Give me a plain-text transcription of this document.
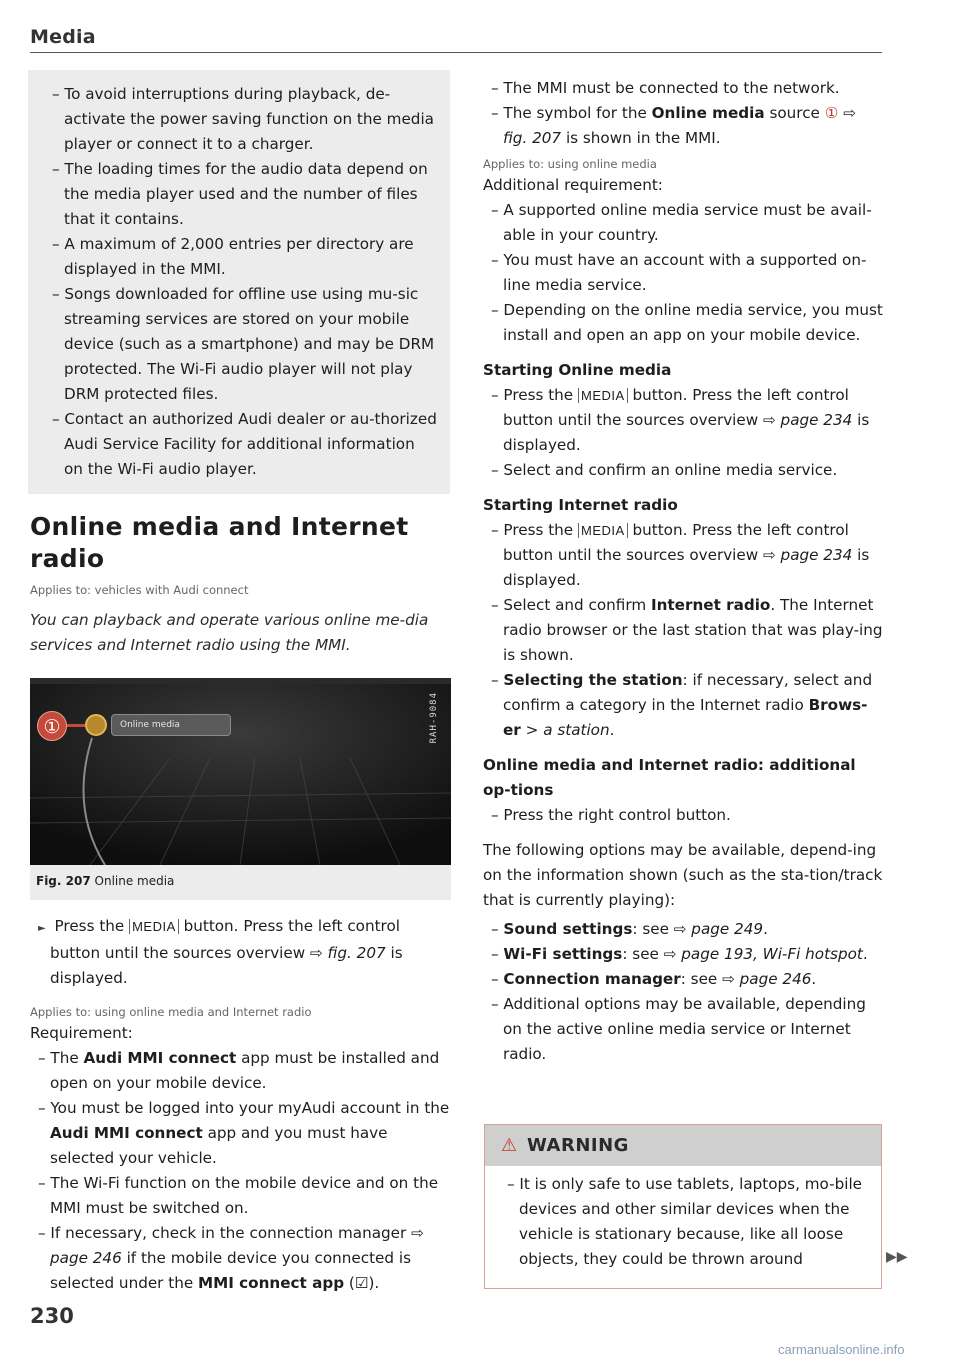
Media
– To avoid interruptions during playback, de-activate the power saving function on the media player or connect it to a charger.
– The loading times for the audio data depend on the media player used and the number of files that it contains.
– A maximum of 2,000 entries per directory are displayed in the MMI.
– Songs downloaded for offline use using mu-sic streaming services are stored on your mobile device (such as a smartphone) and may be DRM protected. The Wi-Fi audio player will not play DRM protected files.
– Contact an authorized Audi dealer or au-thorized Audi Service Facility for additional information on the Wi-Fi audio player.
Online media and Internet radio
Applies to: vehicles with Audi connect
You can playback and operate various online me-dia services and Internet radio using the MMI.
RAH-9084
①	Online media
Fig. 207 Online media
► Press the MEDIA button. Press the left control button until the sources overview ⇨ fig. 207 is displayed.
Applies to: using online media and Internet radio
Requirement:
– The Audi MMI connect app must be installed and open on your mobile device.
– You must be logged into your myAudi account in the Audi MMI connect app and you must have selected your vehicle.
– The Wi-Fi function on the mobile device and on the MMI must be switched on.
– If necessary, check in the connection manager ⇨ page 246 if the mobile device you connected is selected under the MMI connect app (☑).
– The MMI must be connected to the network.
– The symbol for the Online media source ① ⇨ fig. 207 is shown in the MMI.
Applies to: using online media
Additional requirement:
– A supported online media service must be avail-able in your country.
– You must have an account with a supported on-line media service.
– Depending on the online media service, you must install and open an app on your mobile device.
Starting Online media
– Press the MEDIA button. Press the left control button until the sources overview ⇨ page 234 is displayed.
– Select and confirm an online media service.
Starting Internet radio
– Press the MEDIA button. Press the left control button until the sources overview ⇨ page 234 is displayed.
– Select and confirm Internet radio. The Internet radio browser or the last station that was play-ing is shown.
– Selecting the station: if necessary, select and confirm a category in the Internet radio Brows-er > a station.
Online media and Internet radio: additional op-tions
– Press the right control button.
The following options may be available, depend-ing on the information shown (such as the sta-tion/track that is currently playing):
– Sound settings: see ⇨ page 249.
– Wi-Fi settings: see ⇨ page 193, Wi-Fi hotspot.
– Connection manager: see ⇨ page 246.
– Additional options may be available, depending on the active online media service or Internet radio.
⚠ WARNING
– It is only safe to use tablets, laptops, mo-bile devices and other similar devices when the vehicle is stationary because, like all loose objects, they could be thrown around	▶▶
230
carmanualsonline.info
